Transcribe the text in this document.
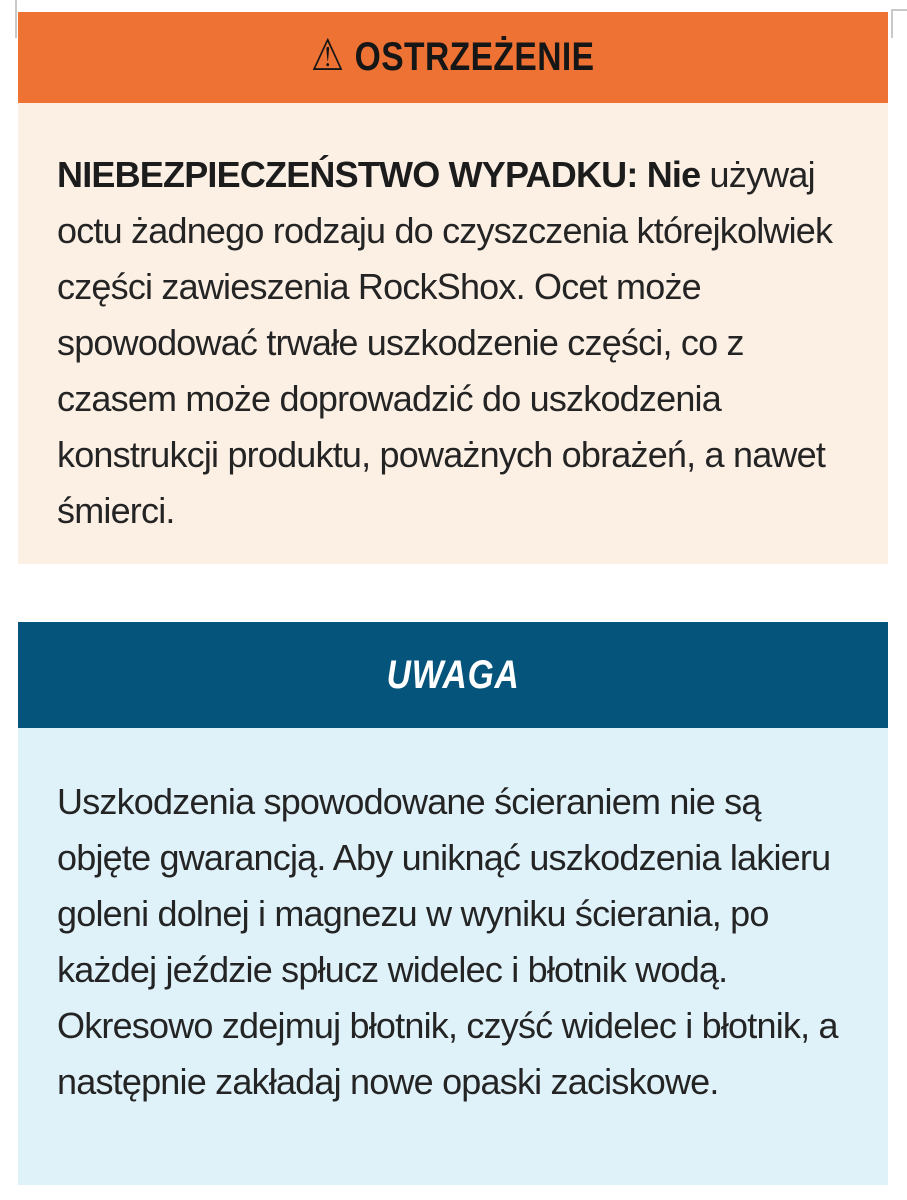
⚠ OSTRZEŻENIE

NIEBEZPIECZEŃSTWO WYPADKU: Nie używaj octu żadnego rodzaju do czyszczenia którejkolwiek części zawieszenia RockShox. Ocet może spowodować trwałe uszkodzenie części, co z czasem może doprowadzić do uszkodzenia konstrukcji produktu, poważnych obrażeń, a nawet śmierci.

UWAGA

Uszkodzenia spowodowane ścieraniem nie są objęte gwarancją. Aby uniknąć uszkodzenia lakieru goleni dolnej i magnezu w wyniku ścierania, po każdej jeździe spłucz widelec i błotnik wodą. Okresowo zdejmuj błotnik, czyść widelec i błotnik, a następnie zakładaj nowe opaski zaciskowe.
